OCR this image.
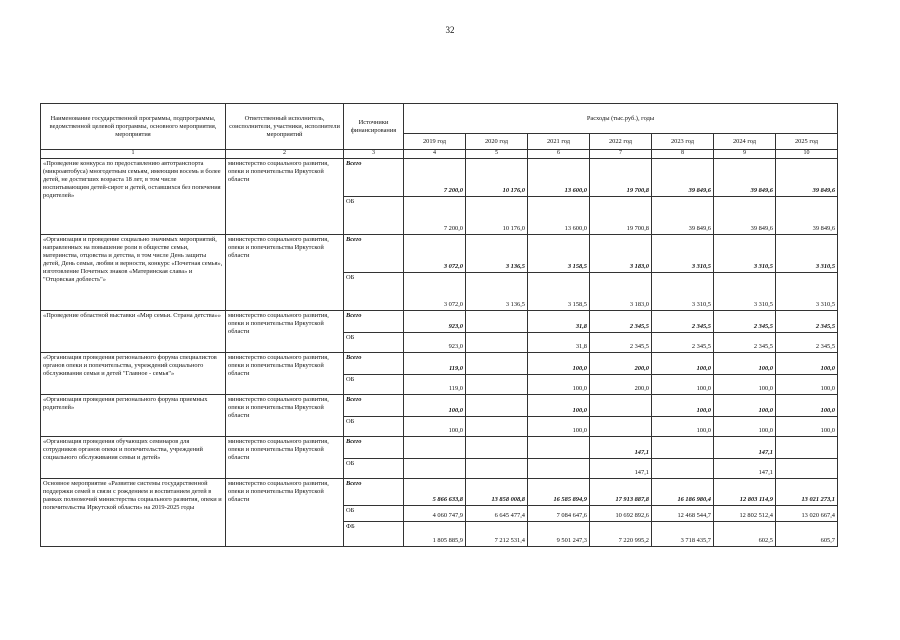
32
Наименование государственной программы, подпрограммы, ведомственной целевой программы, основного мероприятия, мероприятия	Ответственный исполнитель, соисполнители, участники, исполнители мероприятий	Источники финансирования	Расходы (тыс.руб.), годы						
			2019 год	2020 год	2021 год	2022 год	2023 год	2024 год	2025 год
1	2	3	4	5	6	7	8	9	10
«Проведение конкурса по предоставлению автотранспорта (микроавтобуса) многодетным семьям, имеющим восемь и более детей, не достигших возраста 18 лет, в том числе воспитывающим детей-сирот и детей, оставшихся без попечения родителей»	министерство социального развития, опеки и попечительства Иркутской области	Всего	7 200,0	10 176,0	13 600,0	19 700,8	39 849,6	39 849,6	39 849,6
		ОБ	7 200,0	10 176,0	13 600,0	19 700,8	39 849,6	39 849,6	39 849,6
«Организация и проведение социально значимых мероприятий, направленных на повышение роли в обществе семьи, материнства, отцовства и детства, в том числе День защиты детей, День семьи, любви и верности, конкурс «Почетная семья», изготовление Почетных знаков «Материнская слава» и "Отцовская доблесть"»	министерство социального развития, опеки и попечительства Иркутской области	Всего	3 072,0	3 136,5	3 158,5	3 183,0	3 310,5	3 310,5	3 310,5
		ОБ	3 072,0	3 136,5	3 158,5	3 183,0	3 310,5	3 310,5	3 310,5
«Проведение областной выставки «Мир семьи. Страна детства»»	министерство социального развития, опеки и попечительства Иркутской области	Всего	923,0		31,8	2 345,5	2 345,5	2 345,5	2 345,5
		ОБ	923,0		31,8	2 345,5	2 345,5	2 345,5	2 345,5
«Организация проведения регионального форума специалистов органов опеки и попечительства, учреждений социального обслуживания семьи и детей "Главное - семья"»	министерство социального развития, опеки и попечительства Иркутской области	Всего	119,0		100,0	200,0	100,0	100,0	100,0
		ОБ	119,0		100,0	200,0	100,0	100,0	100,0
«Организация проведения регионального форума приемных родителей»	министерство социального развития, опеки и попечительства Иркутской области	Всего	100,0		100,0		100,0	100,0	100,0
		ОБ	100,0		100,0		100,0	100,0	100,0
«Организация проведения обучающих семинаров для сотрудников органов опеки и попечительства, учреждений социального обслуживания семьи и детей»	министерство социального развития, опеки и попечительства Иркутской области	Всего				147,1		147,1	
		ОБ				147,1		147,1	
Основное мероприятие «Развитие системы государственной поддержки семей в связи с рождением и воспитанием детей в рамках полномочий министерства социального развития, опеки и попечительства Иркутской области» на 2019-2025 годы	министерство социального развития, опеки и попечительства Иркутской области	Всего	5 866 633,8	13 858 008,8	16 585 894,9	17 913 887,8	16 186 980,4	12 803 114,9	13 021 273,1
		ОБ	4 060 747,9	6 645 477,4	7 084 647,6	10 692 892,6	12 468 544,7	12 802 512,4	13 020 667,4
		ФБ	1 805 885,9	7 212 531,4	9 501 247,3	7 220 995,2	3 718 435,7	602,5	605,7
